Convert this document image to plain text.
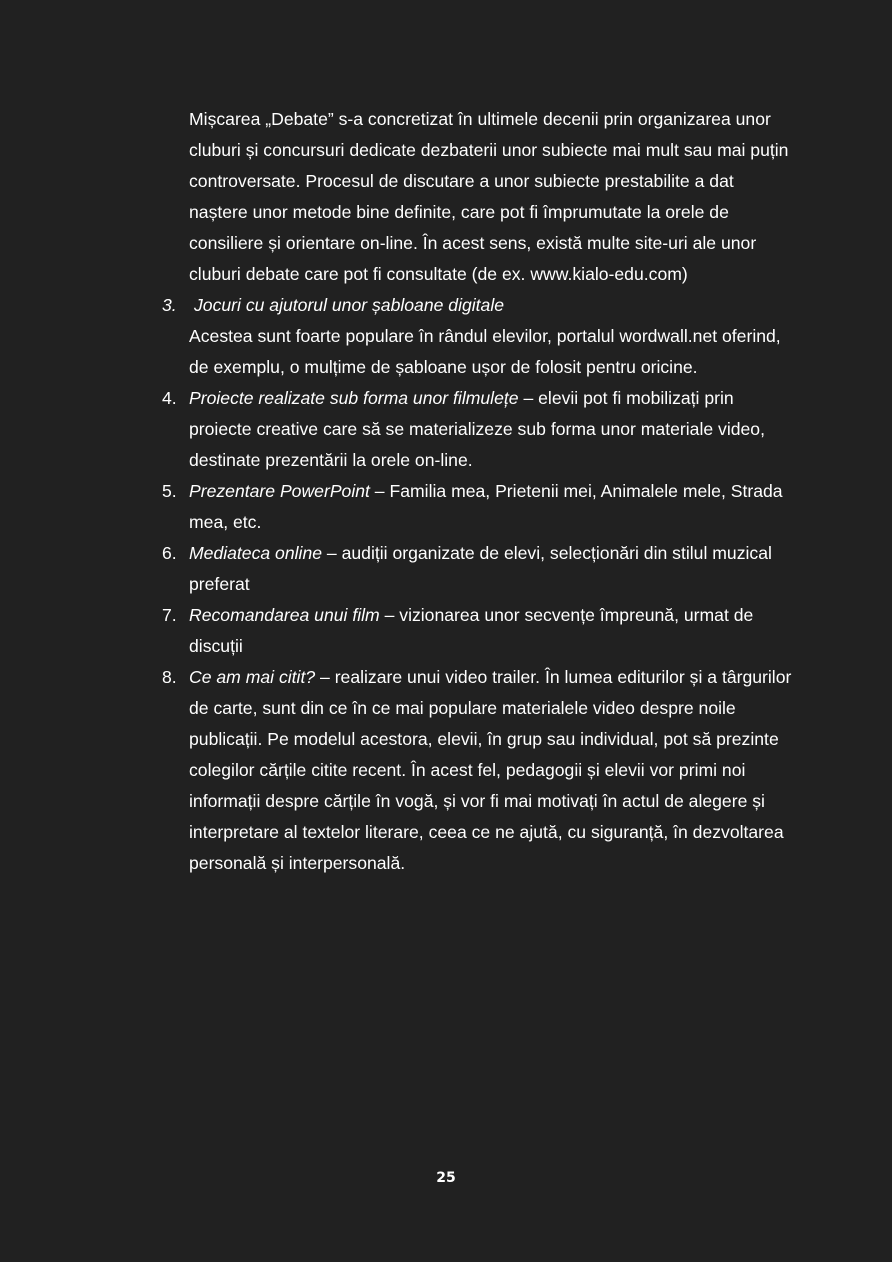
Mișcarea „Debate” s-a concretizat în ultimele decenii prin organizarea unor cluburi și concursuri dedicate dezbaterii unor subiecte mai mult sau mai puțin controversate. Procesul de discutare a unor subiecte prestabilite a dat naștere unor metode bine definite, care pot fi împrumutate la orele de consiliere și orientare on-line. În acest sens, există multe site-uri ale unor cluburi debate care pot fi consultate (de ex. www.kialo-edu.com)

3. Jocuri cu ajutorul unor șabloane digitale
Acestea sunt foarte populare în rândul elevilor, portalul wordwall.net oferind, de exemplu, o mulțime de șabloane ușor de folosit pentru oricine.
4. Proiecte realizate sub forma unor filmulețe – elevii pot fi mobilizați prin proiecte creative care să se materializeze sub forma unor materiale video, destinate prezentării la orele on-line.
5. Prezentare PowerPoint – Familia mea, Prietenii mei, Animalele mele, Strada mea, etc.
6. Mediateca online – audiții organizate de elevi, selecționări din stilul muzical preferat
7. Recomandarea unui film – vizionarea unor secvențe împreună, urmat de discuții
8. Ce am mai citit? – realizare unui video trailer. În lumea editurilor și a târgurilor de carte, sunt din ce în ce mai populare materialele video despre noile publicații. Pe modelul acestora, elevii, în grup sau individual, pot să prezinte colegilor cărțile citite recent. În acest fel, pedagogii și elevii vor primi noi informații despre cărțile în vogă, și vor fi mai motivați în actul de alegere și interpretare al textelor literare, ceea ce ne ajută, cu siguranță, în dezvoltarea personală și interpersonală.
25
